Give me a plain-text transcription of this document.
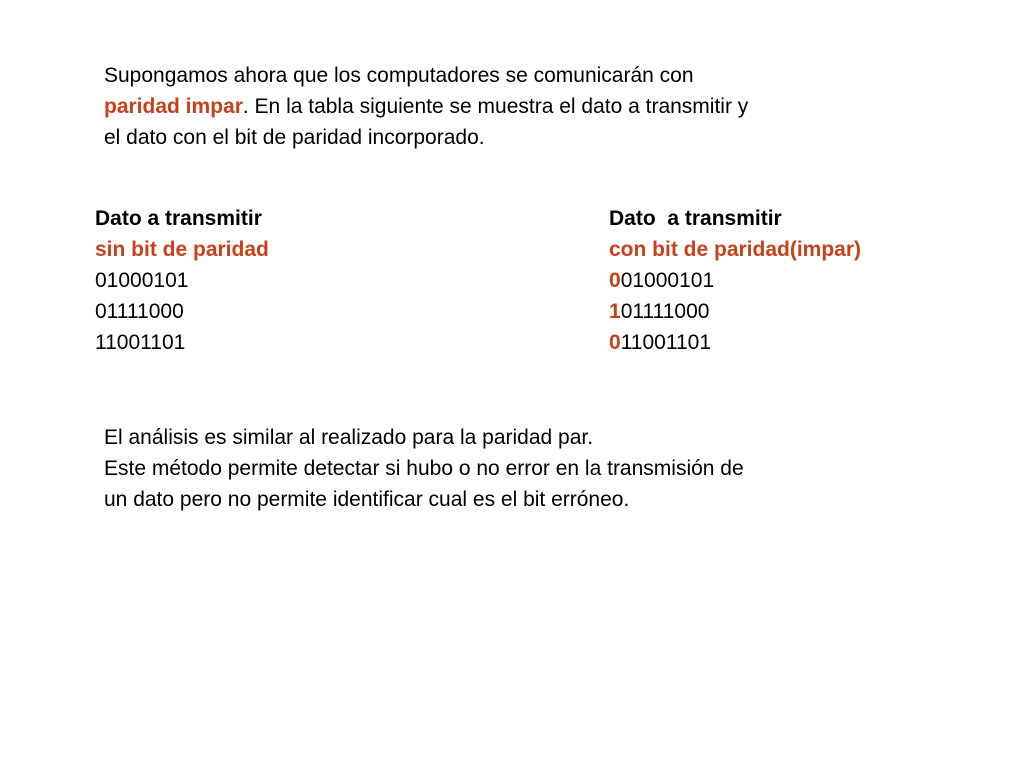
Supongamos ahora que los computadores se comunicarán con
paridad impar. En la tabla siguiente se muestra el dato a transmitir y
el dato con el bit de paridad incorporado.

Dato a transmitir
sin bit de paridad
01000101
01111000
11001101
Dato  a transmitir
con bit de paridad(impar)
001000101
101111000
011001101

El análisis es similar al realizado para la paridad par.
Este método permite detectar si hubo o no error en la transmisión de
un dato pero no permite identificar cual es el bit erróneo.
